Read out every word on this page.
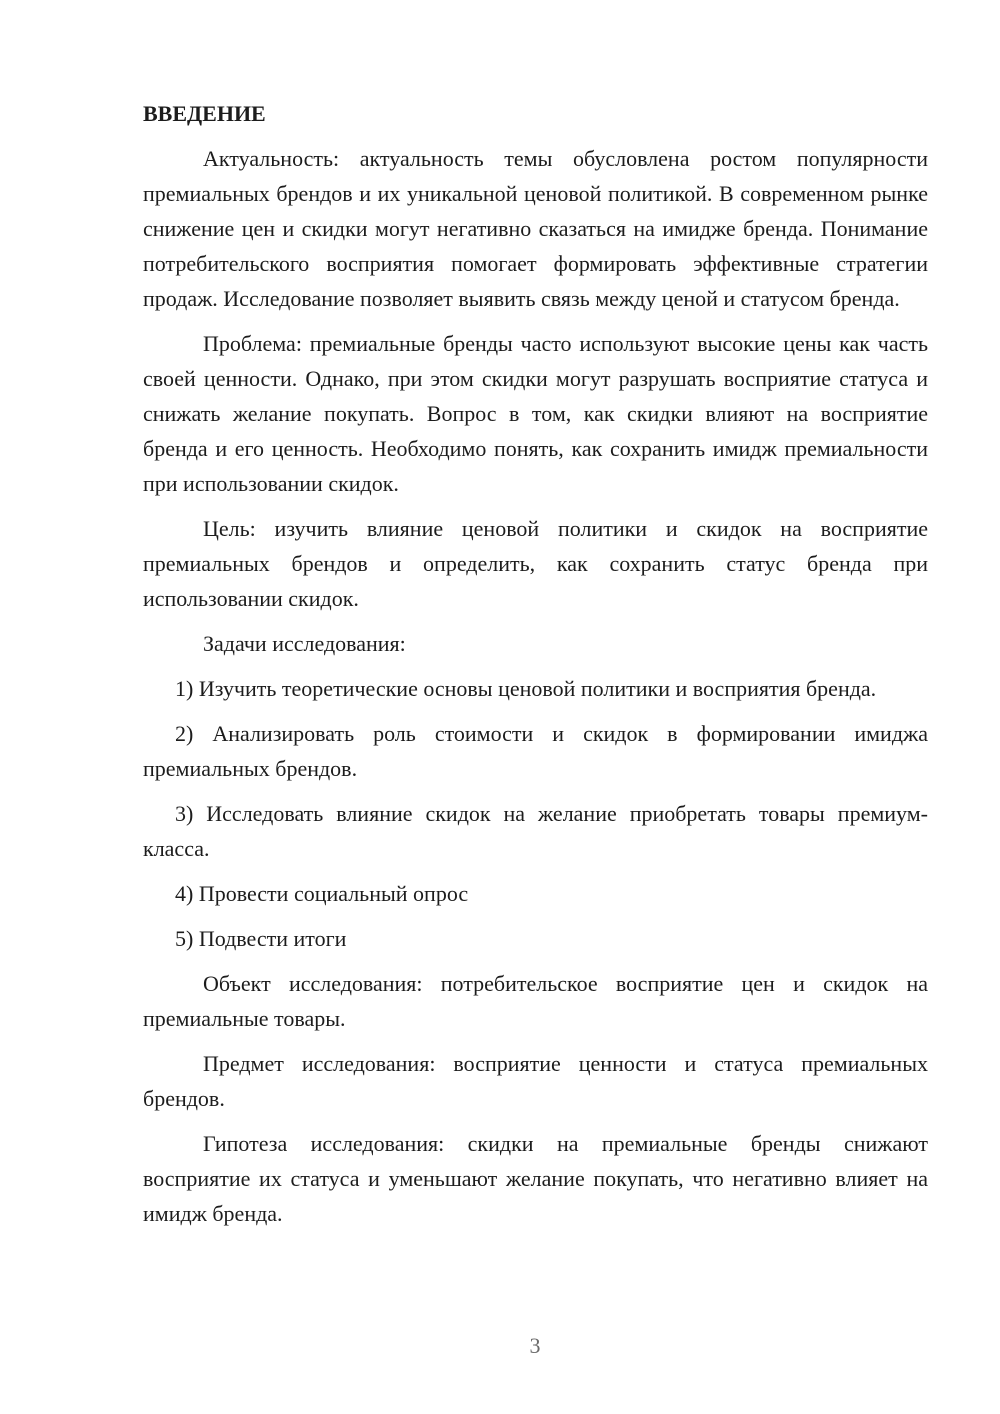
ВВЕДЕНИЕ

Актуальность: актуальность темы обусловлена ростом популярности премиальных брендов и их уникальной ценовой политикой. В современном рынке снижение цен и скидки могут негативно сказаться на имидже бренда. Понимание потребительского восприятия помогает формировать эффективные стратегии продаж. Исследование позволяет выявить связь между ценой и статусом бренда.

Проблема: премиальные бренды часто используют высокие цены как часть своей ценности. Однако, при этом скидки могут разрушать восприятие статуса и снижать желание покупать. Вопрос в том, как скидки влияют на восприятие бренда и его ценность. Необходимо понять, как сохранить имидж премиальности при использовании скидок.

Цель: изучить влияние ценовой политики и скидок на восприятие премиальных брендов и определить, как сохранить статус бренда при использовании скидок.

Задачи исследования:

1) Изучить теоретические основы ценовой политики и восприятия бренда.

2) Анализировать роль стоимости и скидок в формировании имиджа премиальных брендов.

3) Исследовать влияние скидок на желание приобретать товары премиум-класса.

4) Провести социальный опрос

5) Подвести итоги

Объект исследования: потребительское восприятие цен и скидок на премиальные товары.

Предмет исследования: восприятие ценности и статуса премиальных брендов.

Гипотеза исследования: скидки на премиальные бренды снижают восприятие их статуса и уменьшают желание покупать, что негативно влияет на имидж бренда.

3
